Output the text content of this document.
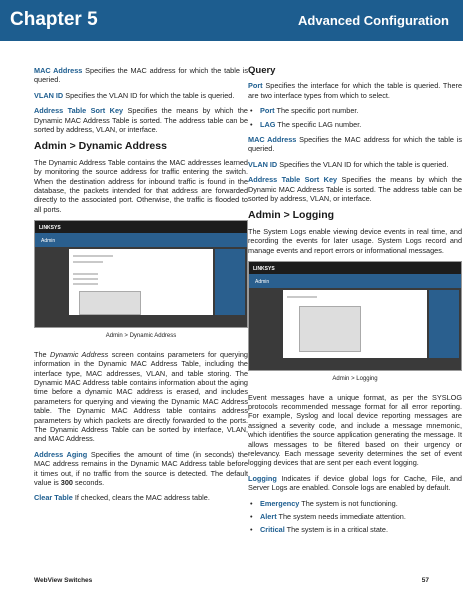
Chapter 5	Advanced Configuration

MAC Address Specifies the MAC address for which the table is queried.

VLAN ID Specifies the VLAN ID for which the table is queried.

Address Table Sort Key Specifies the means by which the Dynamic MAC Address Table is sorted. The address table can be sorted by address, VLAN, or interface.

Admin > Dynamic Address

The Dynamic Address Table contains the MAC addresses learned by monitoring the source address for traffic entering the switch. When the destination address for inbound traffic is found in the database, the packets intended for that address are forwarded directly to the associated port. Otherwise, the traffic is flooded to all ports.

LINKSYS
Admin
Admin > Dynamic Address

The Dynamic Address screen contains parameters for querying information in the Dynamic MAC Address Table, including the interface type, MAC addresses, VLAN, and table storing. The Dynamic MAC Address table contains information about the aging time before a dynamic MAC address is erased, and includes parameters for querying and viewing the Dynamic MAC Address table. The Dynamic MAC Address table contains address parameters by which packets are directly forwarded to the ports. The Dynamic Address Table can be sorted by interface, VLAN, and MAC Address.

Address Aging Specifies the amount of time (in seconds) the MAC address remains in the Dynamic MAC Address table before it times out, if no traffic from the source is detected. The default value is 300 seconds.

Clear Table If checked, clears the MAC address table.

Query

Port Specifies the interface for which the table is queried. There are two interface types from which to select.

• Port The specific port number.
• LAG The specific LAG number.

MAC Address Specifies the MAC address for which the table is queried.

VLAN ID Specifies the VLAN ID for which the table is queried.

Address Table Sort Key Specifies the means by which the Dynamic MAC Address Table is sorted. The address table can be sorted by address, VLAN, or interface.

Admin > Logging

The System Logs enable viewing device events in real time, and recording the events for later usage. System Logs record and manage events and report errors or informational messages.

LINKSYS
Admin
Admin > Logging

Event messages have a unique format, as per the SYSLOG protocols recommended message format for all error reporting. For example, Syslog and local device reporting messages are assigned a severity code, and include a message mnemonic, which identifies the source application generating the message. It allows messages to be filtered based on their urgency or relevancy. Each message severity determines the set of event logging devices that are sent per each event logging.

Logging Indicates if device global logs for Cache, File, and Server Logs are enabled. Console logs are enabled by default.

• Emergency The system is not functioning.
• Alert The system needs immediate attention.
• Critical The system is in a critical state.
WebView Switches	57
